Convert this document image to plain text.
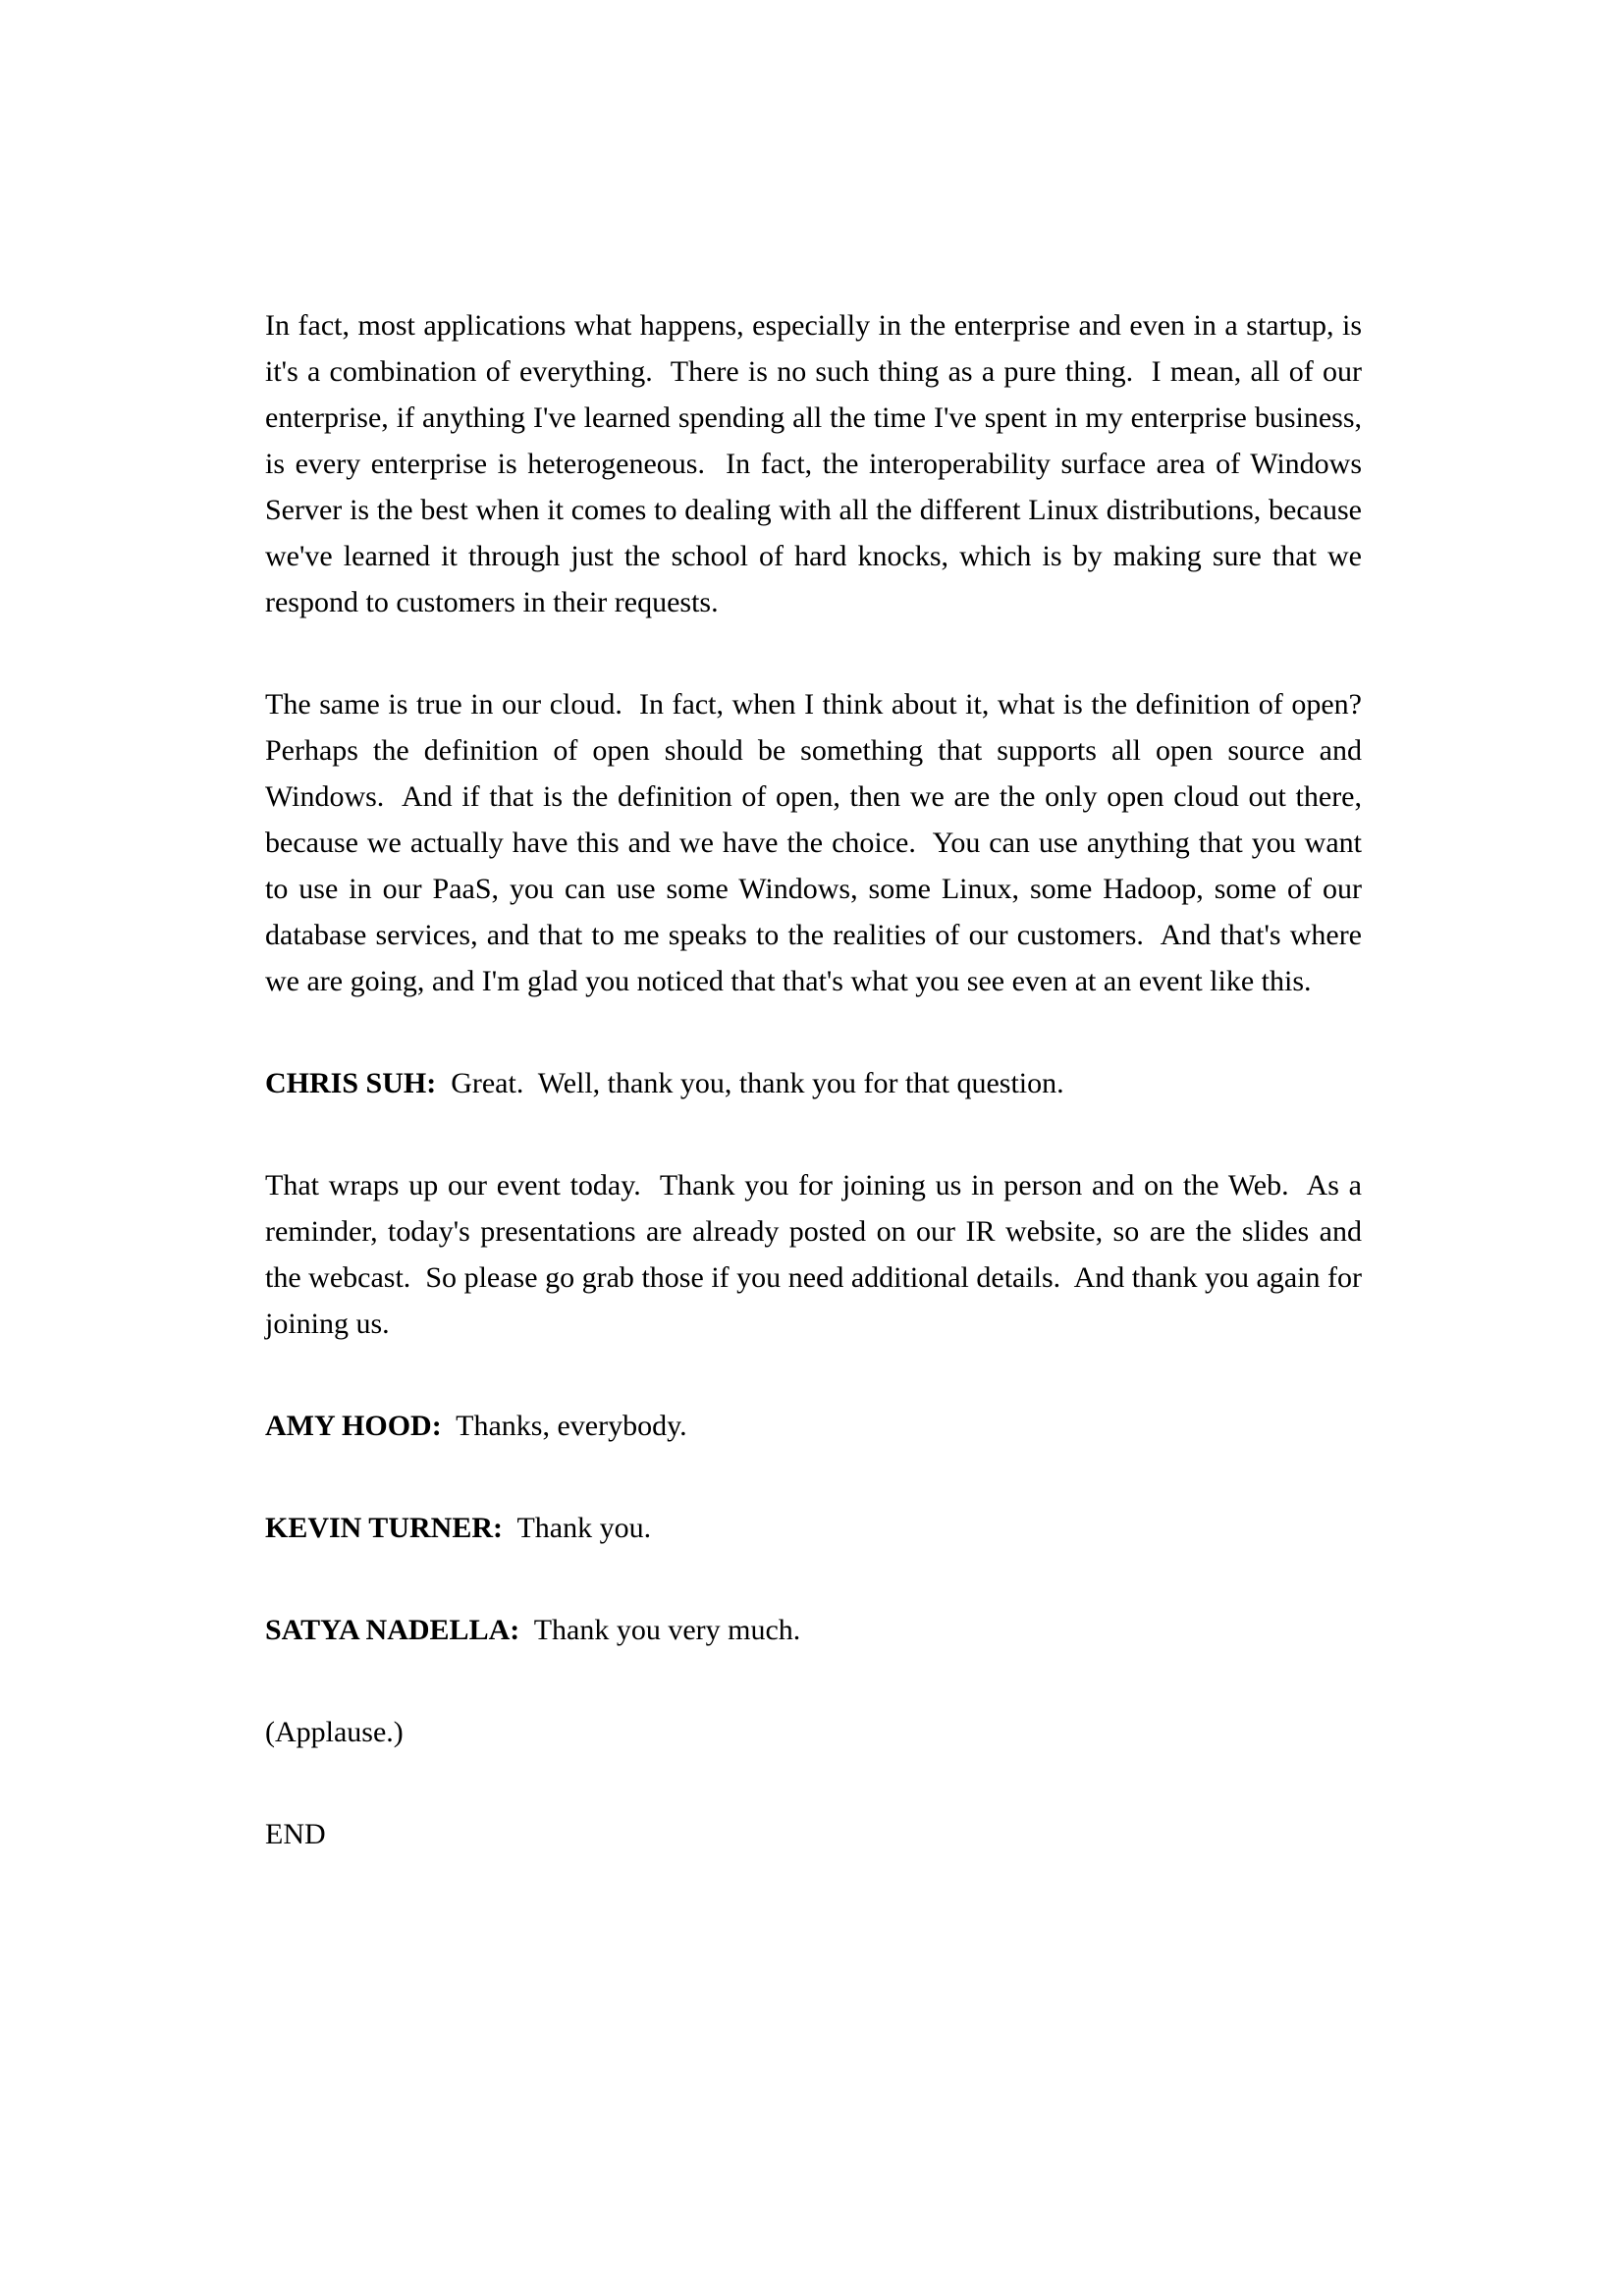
In fact, most applications what happens, especially in the enterprise and even in a startup, is it's a combination of everything.  There is no such thing as a pure thing.  I mean, all of our enterprise, if anything I've learned spending all the time I've spent in my enterprise business, is every enterprise is heterogeneous.  In fact, the interoperability surface area of Windows Server is the best when it comes to dealing with all the different Linux distributions, because we've learned it through just the school of hard knocks, which is by making sure that we respond to customers in their requests.

The same is true in our cloud.  In fact, when I think about it, what is the definition of open?  Perhaps the definition of open should be something that supports all open source and Windows.  And if that is the definition of open, then we are the only open cloud out there, because we actually have this and we have the choice.  You can use anything that you want to use in our PaaS, you can use some Windows, some Linux, some Hadoop, some of our database services, and that to me speaks to the realities of our customers.  And that's where we are going, and I'm glad you noticed that that's what you see even at an event like this.

CHRIS SUH:  Great.  Well, thank you, thank you for that question.

That wraps up our event today.  Thank you for joining us in person and on the Web.  As a reminder, today's presentations are already posted on our IR website, so are the slides and the webcast.  So please go grab those if you need additional details.  And thank you again for joining us.

AMY HOOD:  Thanks, everybody.

KEVIN TURNER:  Thank you.

SATYA NADELLA:  Thank you very much.

(Applause.)

END
